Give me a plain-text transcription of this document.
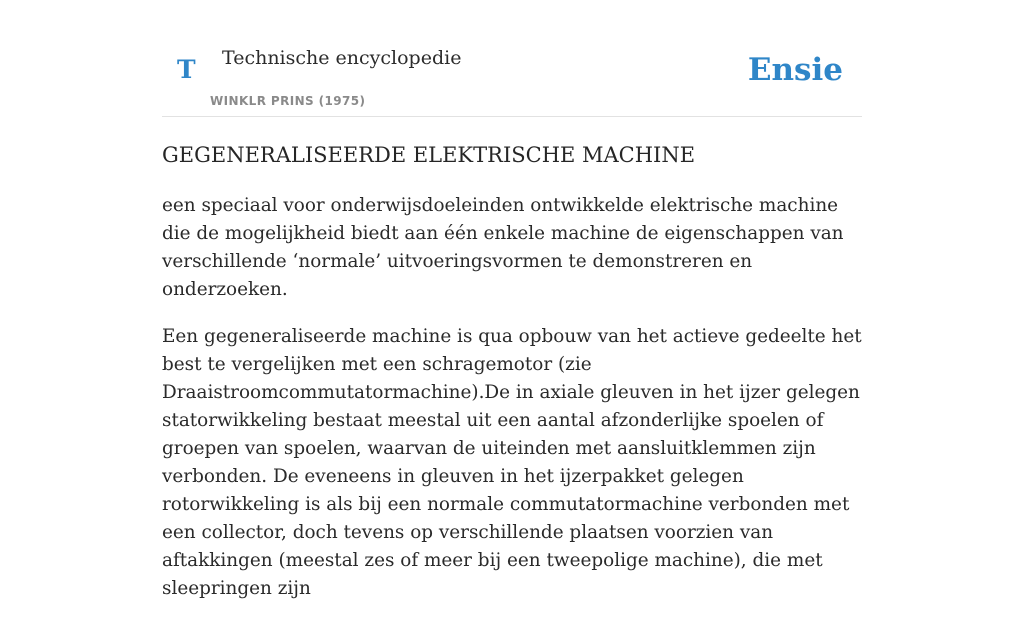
T Technische encyclopedie
WINKLR PRINS (1975)
Ensie
GEGENERALISEERDE ELEKTRISCHE MACHINE

een speciaal voor onderwijsdoeleinden ontwikkelde elektrische machine die de mogelijkheid biedt aan één enkele machine de eigenschappen van verschillende ‘normale’ uitvoeringsvormen te demonstreren en onderzoeken.

Een gegeneraliseerde machine is qua opbouw van het actieve gedeelte het best te vergelijken met een schragemotor (zie Draaistroomcommutatormachine).De in axiale gleuven in het ijzer gelegen statorwikkeling bestaat meestal uit een aantal afzonderlijke spoelen of groepen van spoelen, waarvan de uiteinden met aansluitklemmen zijn verbonden. De eveneens in gleuven in het ijzerpakket gelegen rotorwikkeling is als bij een normale commutatormachine verbonden met een collector, doch tevens op verschillende plaatsen voorzien van aftakkingen (meestal zes of meer bij een tweepolige machine), die met sleepringen zijn
